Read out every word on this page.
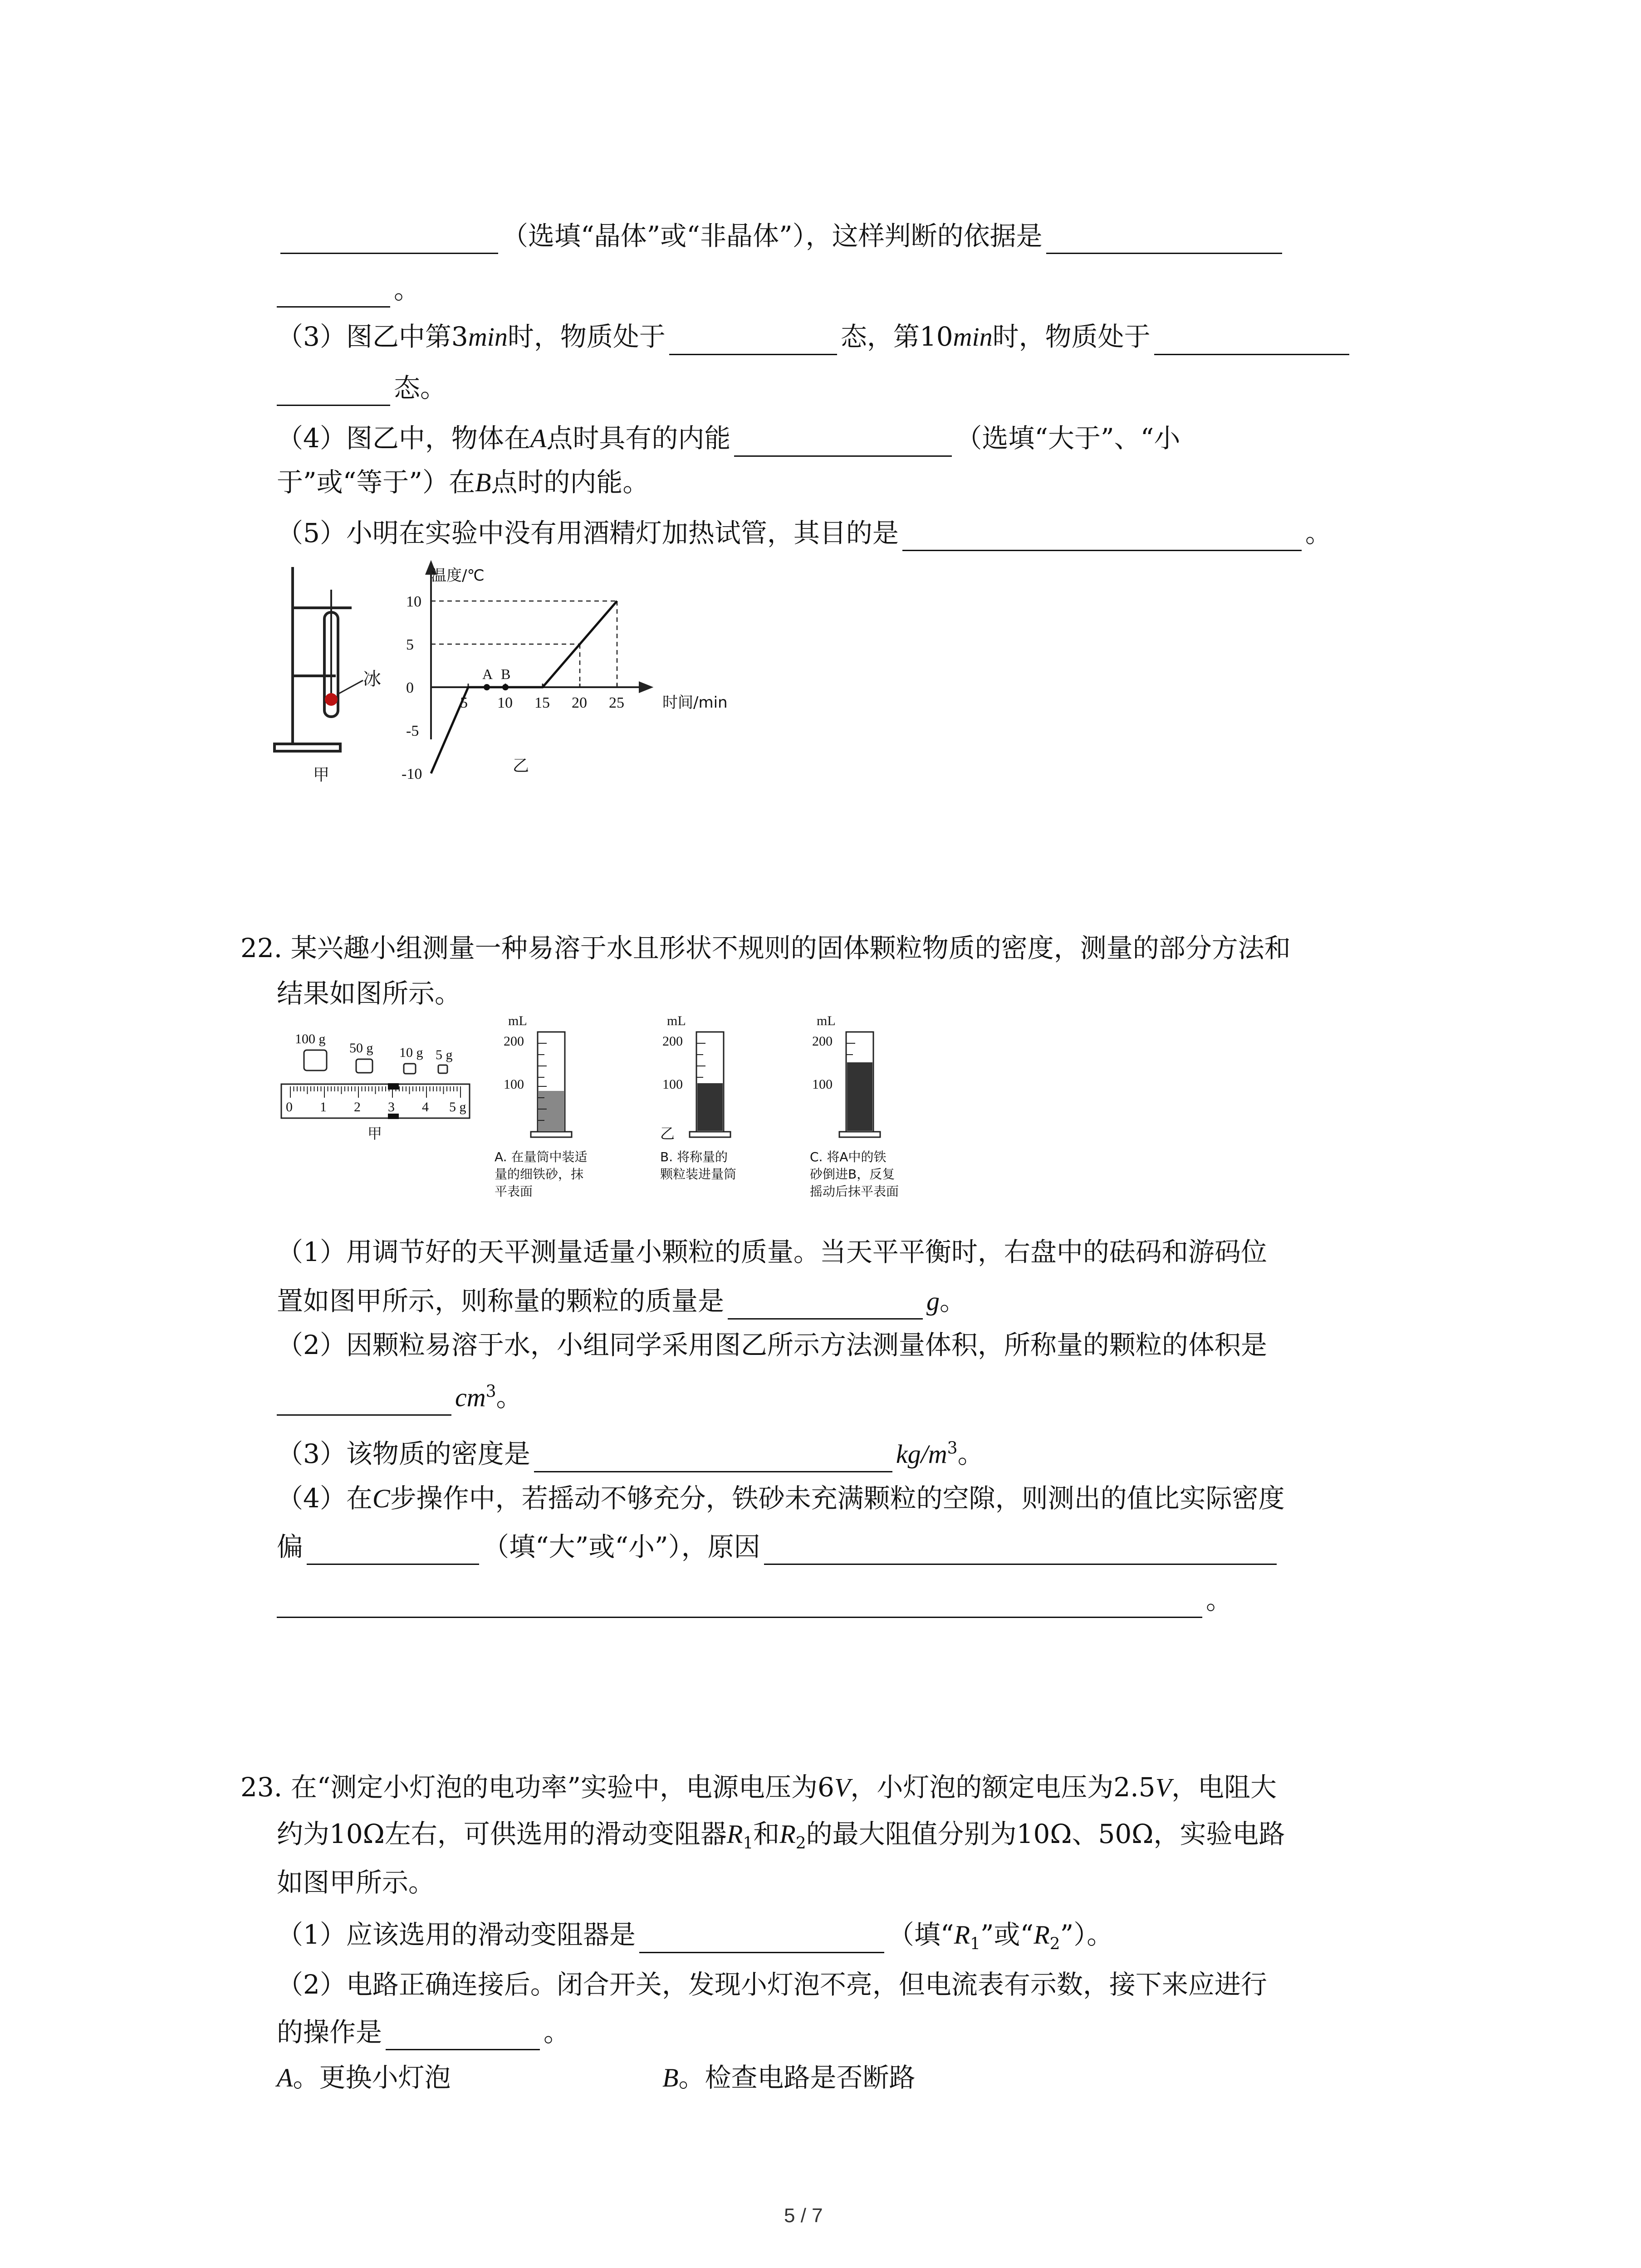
（选填“晶体”或“非晶体”），这样判断的依据是
。
（3）图乙中第3min时，物质处于	态，第10min时，物质处于
态。
（4）图乙中，物体在A点时具有的内能	（选填“大于”、“小
于”或“等于”）在B点时的内能。
（5）小明在实验中没有用酒精灯加热试管，其目的是	。
冰
甲
温度/℃
时间/min
乙
5 10 15 20 25
10
5
0
-5
-10
A B
22. 某兴趣小组测量一种易溶于水且形状不规则的固体颗粒物质的密度，测量的部分方法和
结果如图所示。
100 g
50 g 10 g 5 g
0 1 2 3 4 5 g
甲
mL
200
100
A. 在量筒中装适
量的细铁砂，抹
平表面
mL
200
100
乙
B. 将称量的
颗粒装进量筒
mL
200
100
C. 将A中的铁
砂倒进B，反复
摇动后抹平表面
（1）用调节好的天平测量适量小颗粒的质量。当天平平衡时，右盘中的砝码和游码位
置如图甲所示，则称量的颗粒的质量是	g。
（2）因颗粒易溶于水，小组同学采用图乙所示方法测量体积，所称量的颗粒的体积是
$cm^3$。
（3）该物质的密度是	$kg/m^3$。
（4）在C步操作中，若摇动不够充分，铁砂未充满颗粒的空隙，则测出的值比实际密度
偏	（填“大”或“小”），原因
。
23. 在“测定小灯泡的电功率”实验中，电源电压为6V，小灯泡的额定电压为2.5V，电阻大
约为10Ω左右，可供选用的滑动变阻器$R_1$和$R_2$的最大阻值分别为10Ω、50Ω，实验电路
如图甲所示。
（1）应该选用的滑动变阻器是	（填“$R_1$”或“$R_2$”）。
（2）电路正确连接后。闭合开关，发现小灯泡不亮，但电流表有示数，接下来应进行
的操作是	。
A。更换小灯泡	B。检查电路是否断路
5 / 7
